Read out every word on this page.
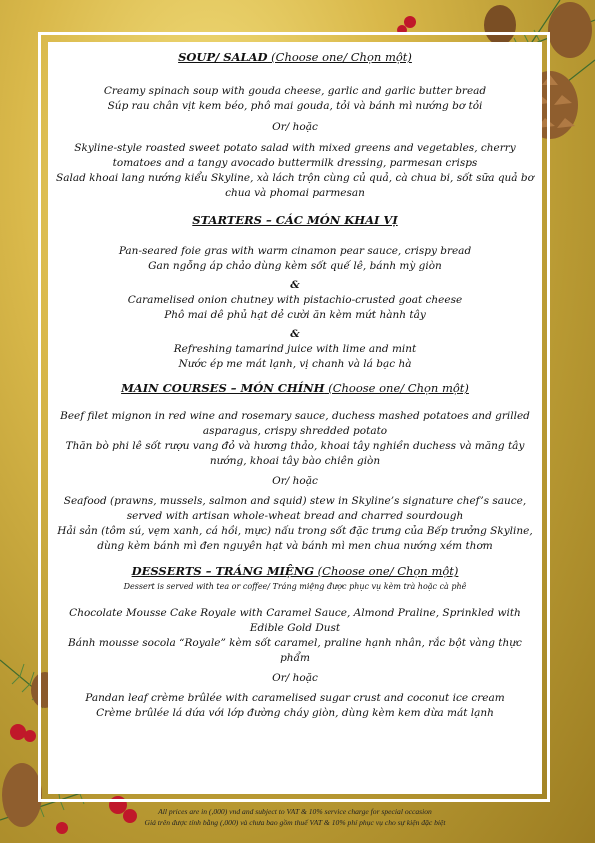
SOUP/ SALAD (Choose one/ Chọn một)

Creamy spinach soup with gouda cheese, garlic and garlic butter bread

Súp rau chân vịt kem béo, phô mai gouda, tỏi và bánh mì nướng bơ tỏi

Or/ hoặc

Skyline-style roasted sweet potato salad with mixed greens and vegetables, cherry tomatoes and a tangy avocado buttermilk dressing, parmesan crisps

Salad khoai lang nướng kiểu Skyline, xà lách trộn cùng củ quả, cà chua bi, sốt sữa quả bơ chua và phomai parmesan

STARTERS – CÁC MÓN KHAI VỊ

Pan-seared foie gras with warm cinamon pear sauce, crispy bread

Gan ngỗng áp chảo dùng kèm sốt quế lê, bánh mỳ giòn

&

Caramelised onion chutney with pistachio-crusted goat cheese

Phô mai dê phủ hạt dẻ cười ăn kèm mứt hành tây

&

Refreshing tamarind juice with lime and mint

Nước ép me mát lạnh, vị chanh và lá bạc hà

MAIN COURSES – MÓN CHÍNH (Choose one/ Chọn một)

Beef filet mignon in red wine and rosemary sauce, duchess mashed potatoes and grilled asparagus, crispy shredded potato

Thăn bò phi lê sốt rượu vang đỏ và hương thảo, khoai tây nghiền duchess và măng tây nướng, khoai tây bào chiên giòn

Or/ hoặc

Seafood (prawns, mussels, salmon and squid) stew in Skyline’s signature chef’s sauce, served with artisan whole-wheat bread and charred sourdough

Hải sản (tôm sú, vẹm xanh, cá hồi, mực) nấu trong sốt đặc trưng của Bếp trưởng Skyline, dùng kèm bánh mì đen nguyên hạt và bánh mì men chua nướng xém thơm

DESSERTS – TRÁNG MIỆNG (Choose one/ Chọn một)

Dessert is served with tea or coffee/ Tráng miệng được phục vụ kèm trà hoặc cà phê

Chocolate Mousse Cake Royale with Caramel Sauce, Almond Praline, Sprinkled with Edible Gold Dust

Bánh mousse socola “Royale” kèm sốt caramel, praline hạnh nhân, rắc bột vàng thực phẩm

Or/ hoặc

Pandan leaf crème brûlée with caramelised sugar crust and coconut ice cream

Crème brûlée lá dứa với lớp đường cháy giòn, dùng kèm kem dừa mát lạnh

All prices are in (,000) vnd and subject to VAT & 10% service charge for special occasion
Giá trên được tính bằng (,000) và chưa bao gồm thuế VAT & 10% phí phục vụ cho sự kiện đặc biệt
